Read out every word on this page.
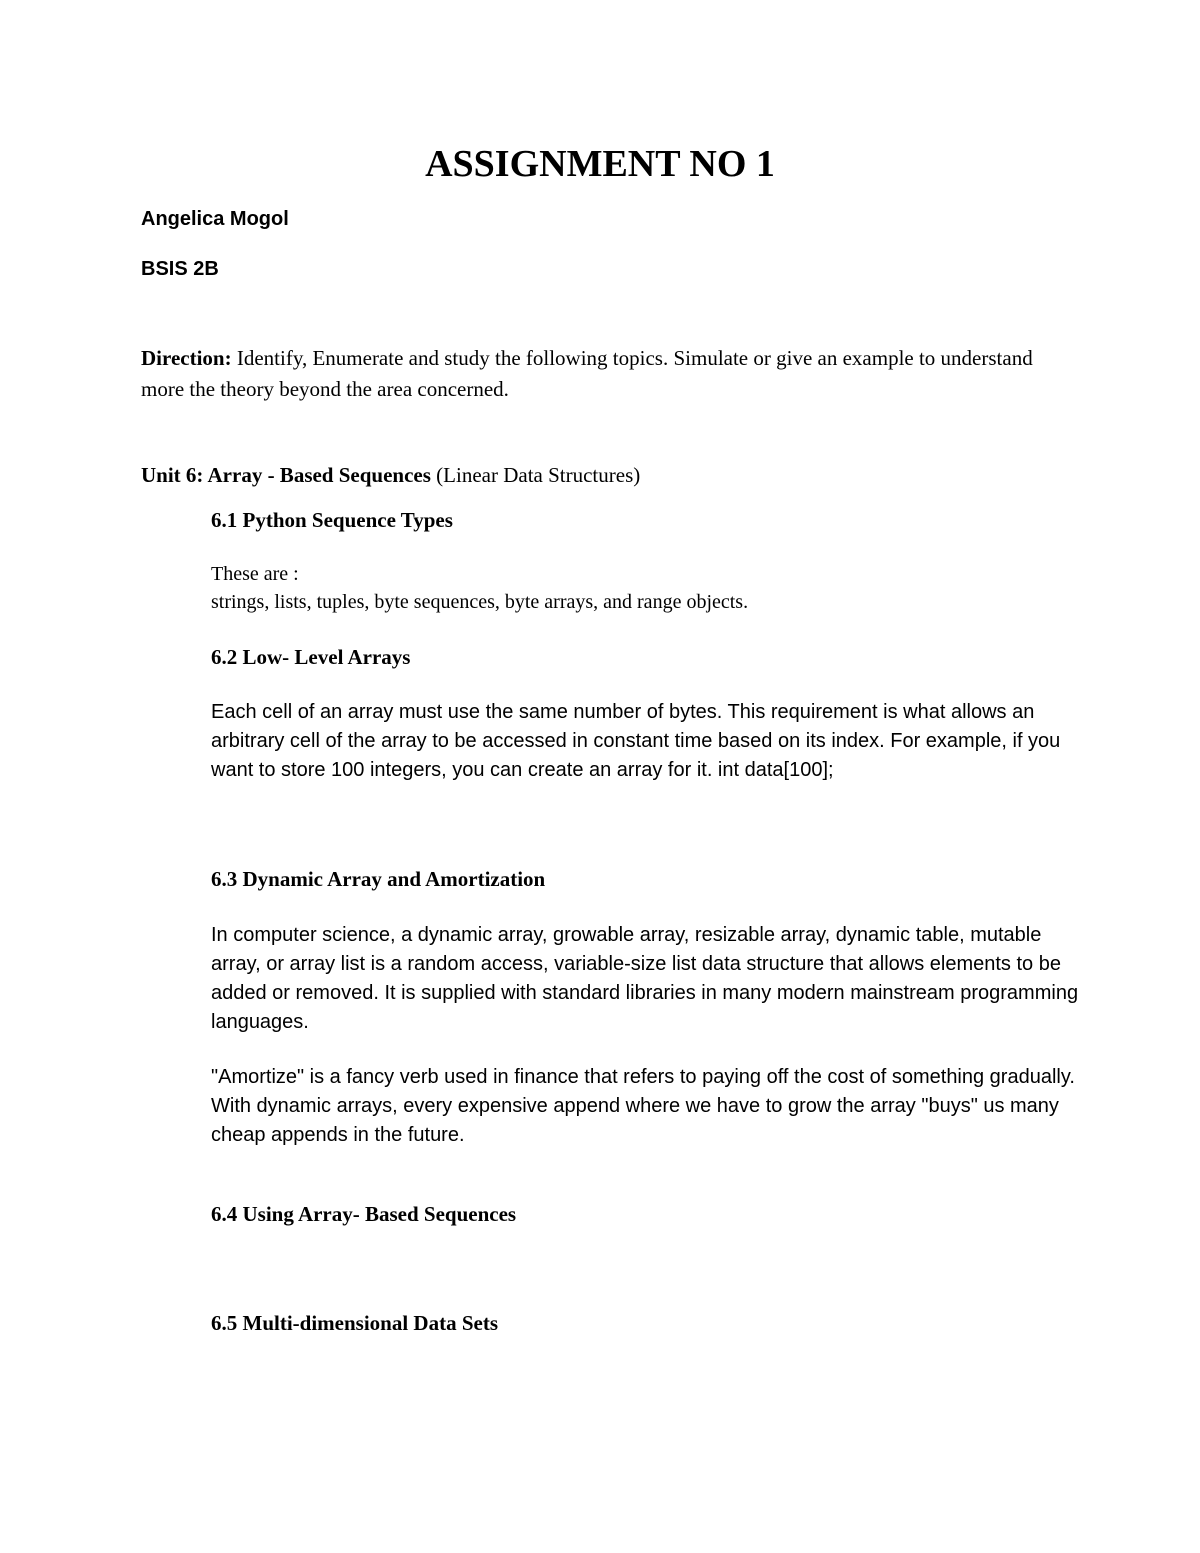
ASSIGNMENT NO 1
Angelica Mogol
BSIS 2B
Direction: Identify, Enumerate and study the following topics. Simulate or give an example to understand more the theory beyond the area concerned.
Unit 6: Array - Based Sequences (Linear Data Structures)
6.1 Python Sequence Types
These are :
strings, lists, tuples, byte sequences, byte arrays, and range objects.
6.2 Low- Level Arrays
Each cell of an array must use the same number of bytes. This requirement is what allows an arbitrary cell of the array to be accessed in constant time based on its index. For example, if you want to store 100 integers, you can create an array for it. int data[100];
6.3 Dynamic Array and Amortization
In computer science, a dynamic array, growable array, resizable array, dynamic table, mutable array, or array list is a random access, variable-size list data structure that allows elements to be added or removed. It is supplied with standard libraries in many modern mainstream programming languages.
"Amortize" is a fancy verb used in finance that refers to paying off the cost of something gradually. With dynamic arrays, every expensive append where we have to grow the array "buys" us many cheap appends in the future.
6.4 Using Array- Based Sequences
6.5 Multi-dimensional Data Sets
